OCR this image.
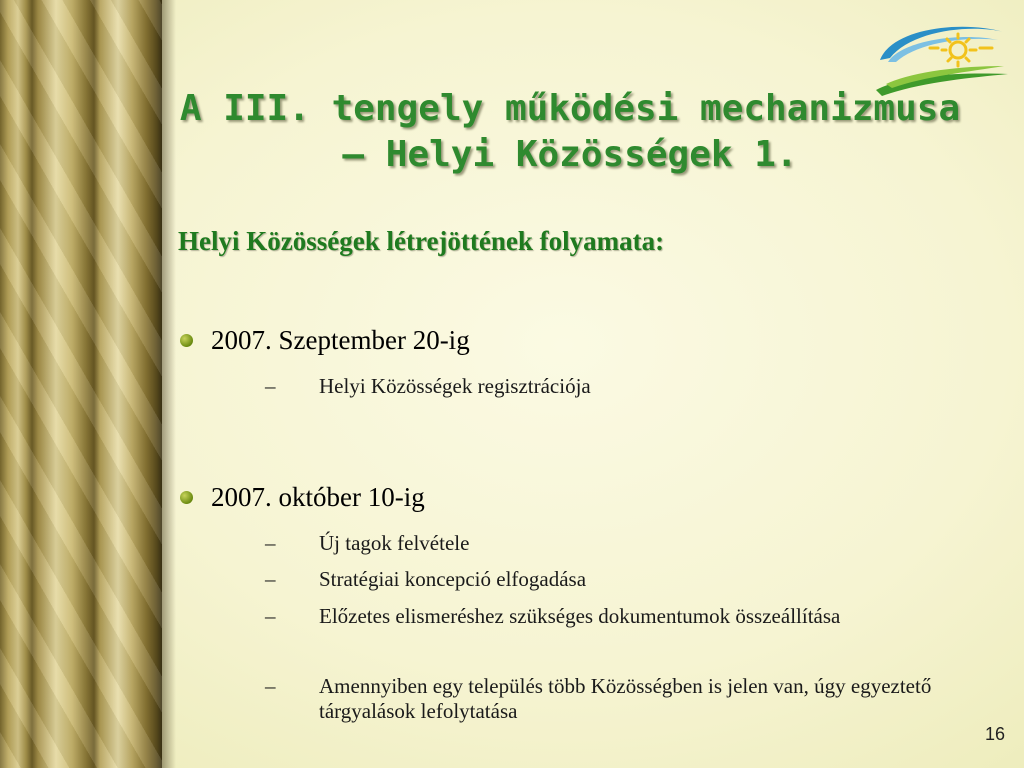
A III. tengely működési mechanizmusa
– Helyi Közösségek 1.
Helyi Közösségek létrejöttének folyamata:
2007. Szeptember 20-ig
– Helyi Közösségek regisztrációja
2007. október 10-ig
– Új tagok felvétele
– Stratégiai koncepció elfogadása
– Előzetes elismeréshez szükséges dokumentumok összeállítása
– Amennyiben egy település több Közösségben is jelen van, úgy egyeztető tárgyalások lefolytatása
16
